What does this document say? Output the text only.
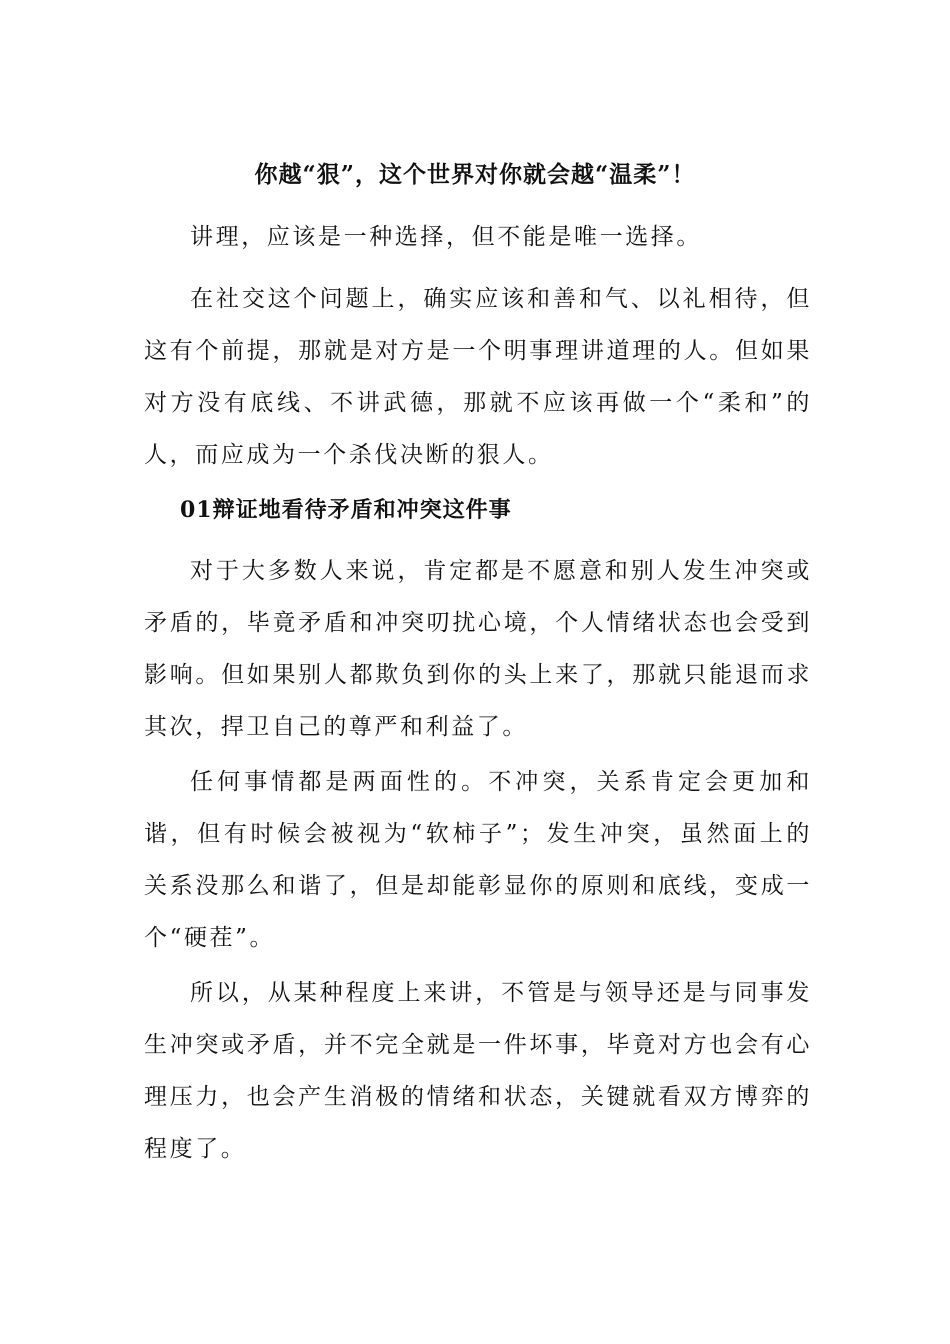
你越“狠”，这个世界对你就会越“温柔”！

讲理，应该是一种选择，但不能是唯一选择。

在社交这个问题上，确实应该和善和气、以礼相待，但这有个前提，那就是对方是一个明事理讲道理的人。但如果对方没有底线、不讲武德，那就不应该再做一个“柔和”的人，而应成为一个杀伐决断的狠人。

01辩证地看待矛盾和冲突这件事

对于大多数人来说，肯定都是不愿意和别人发生冲突或矛盾的，毕竟矛盾和冲突叨扰心境，个人情绪状态也会受到影响。但如果别人都欺负到你的头上来了，那就只能退而求其次，捍卫自己的尊严和利益了。

任何事情都是两面性的。不冲突，关系肯定会更加和谐，但有时候会被视为“软柿子”；发生冲突，虽然面上的关系没那么和谐了，但是却能彰显你的原则和底线，变成一个“硬茬”。

所以，从某种程度上来讲，不管是与领导还是与同事发生冲突或矛盾，并不完全就是一件坏事，毕竟对方也会有心理压力，也会产生消极的情绪和状态，关键就看双方博弈的程度了。
